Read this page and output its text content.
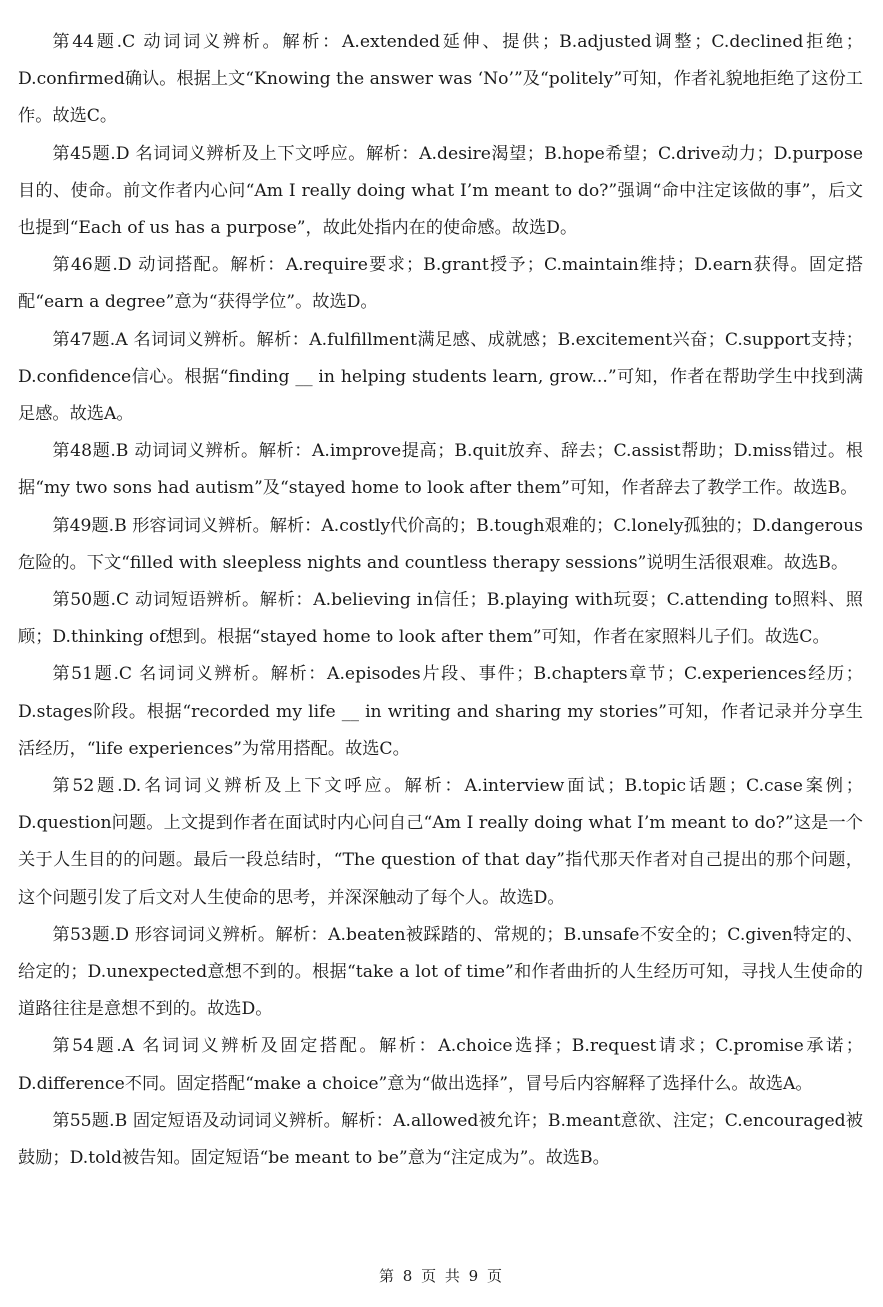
第44题.C 动词词义辨析。解析：A.extended延伸、提供；B.adjusted调整；C.declined拒绝；D.confirmed确认。根据上文“Knowing the answer was ‘No’”及“politely”可知，作者礼貌地拒绝了这份工作。故选C。

第45题.D 名词词义辨析及上下文呼应。解析：A.desire渴望；B.hope希望；C.drive动力；D.purpose目的、使命。前文作者内心问“Am I really doing what I’m meant to do?”强调“命中注定该做的事”，后文也提到“Each of us has a purpose”，故此处指内在的使命感。故选D。

第46题.D 动词搭配。解析：A.require要求；B.grant授予；C.maintain维持；D.earn获得。固定搭配“earn a degree”意为“获得学位”。故选D。

第47题.A 名词词义辨析。解析：A.fulfillment满足感、成就感；B.excitement兴奋；C.support支持；D.confidence信心。根据“finding __ in helping students learn, grow...”可知，作者在帮助学生中找到满足感。故选A。

第48题.B 动词词义辨析。解析：A.improve提高；B.quit放弃、辞去；C.assist帮助；D.miss错过。根据“my two sons had autism”及“stayed home to look after them”可知，作者辞去了教学工作。故选B。

第49题.B 形容词词义辨析。解析：A.costly代价高的；B.tough艰难的；C.lonely孤独的；D.dangerous危险的。下文“filled with sleepless nights and countless therapy sessions”说明生活很艰难。故选B。

第50题.C 动词短语辨析。解析：A.believing in信任；B.playing with玩耍；C.attending to照料、照顾；D.thinking of想到。根据“stayed home to look after them”可知，作者在家照料儿子们。故选C。

第51题.C 名词词义辨析。解析：A.episodes片段、事件；B.chapters章节；C.experiences经历；D.stages阶段。根据“recorded my life __ in writing and sharing my stories”可知，作者记录并分享生活经历，“life experiences”为常用搭配。故选C。

第52题.D.名词词义辨析及上下文呼应。解析：A.interview面试；B.topic话题；C.case案例；D.question问题。上文提到作者在面试时内心问自己“Am I really doing what I’m meant to do?”这是一个关于人生目的的问题。最后一段总结时，“The question of that day”指代那天作者对自己提出的那个问题，这个问题引发了后文对人生使命的思考，并深深触动了每个人。故选D。

第53题.D 形容词词义辨析。解析：A.beaten被踩踏的、常规的；B.unsafe不安全的；C.given特定的、给定的；D.unexpected意想不到的。根据“take a lot of time”和作者曲折的人生经历可知，寻找人生使命的道路往往是意想不到的。故选D。

第54题.A 名词词义辨析及固定搭配。解析：A.choice选择；B.request请求；C.promise承诺；D.difference不同。固定搭配“make a choice”意为“做出选择”，冒号后内容解释了选择什么。故选A。

第55题.B 固定短语及动词词义辨析。解析：A.allowed被允许；B.meant意欲、注定；C.encouraged被鼓励；D.told被告知。固定短语“be meant to be”意为“注定成为”。故选B。

第 8 页 共 9 页
